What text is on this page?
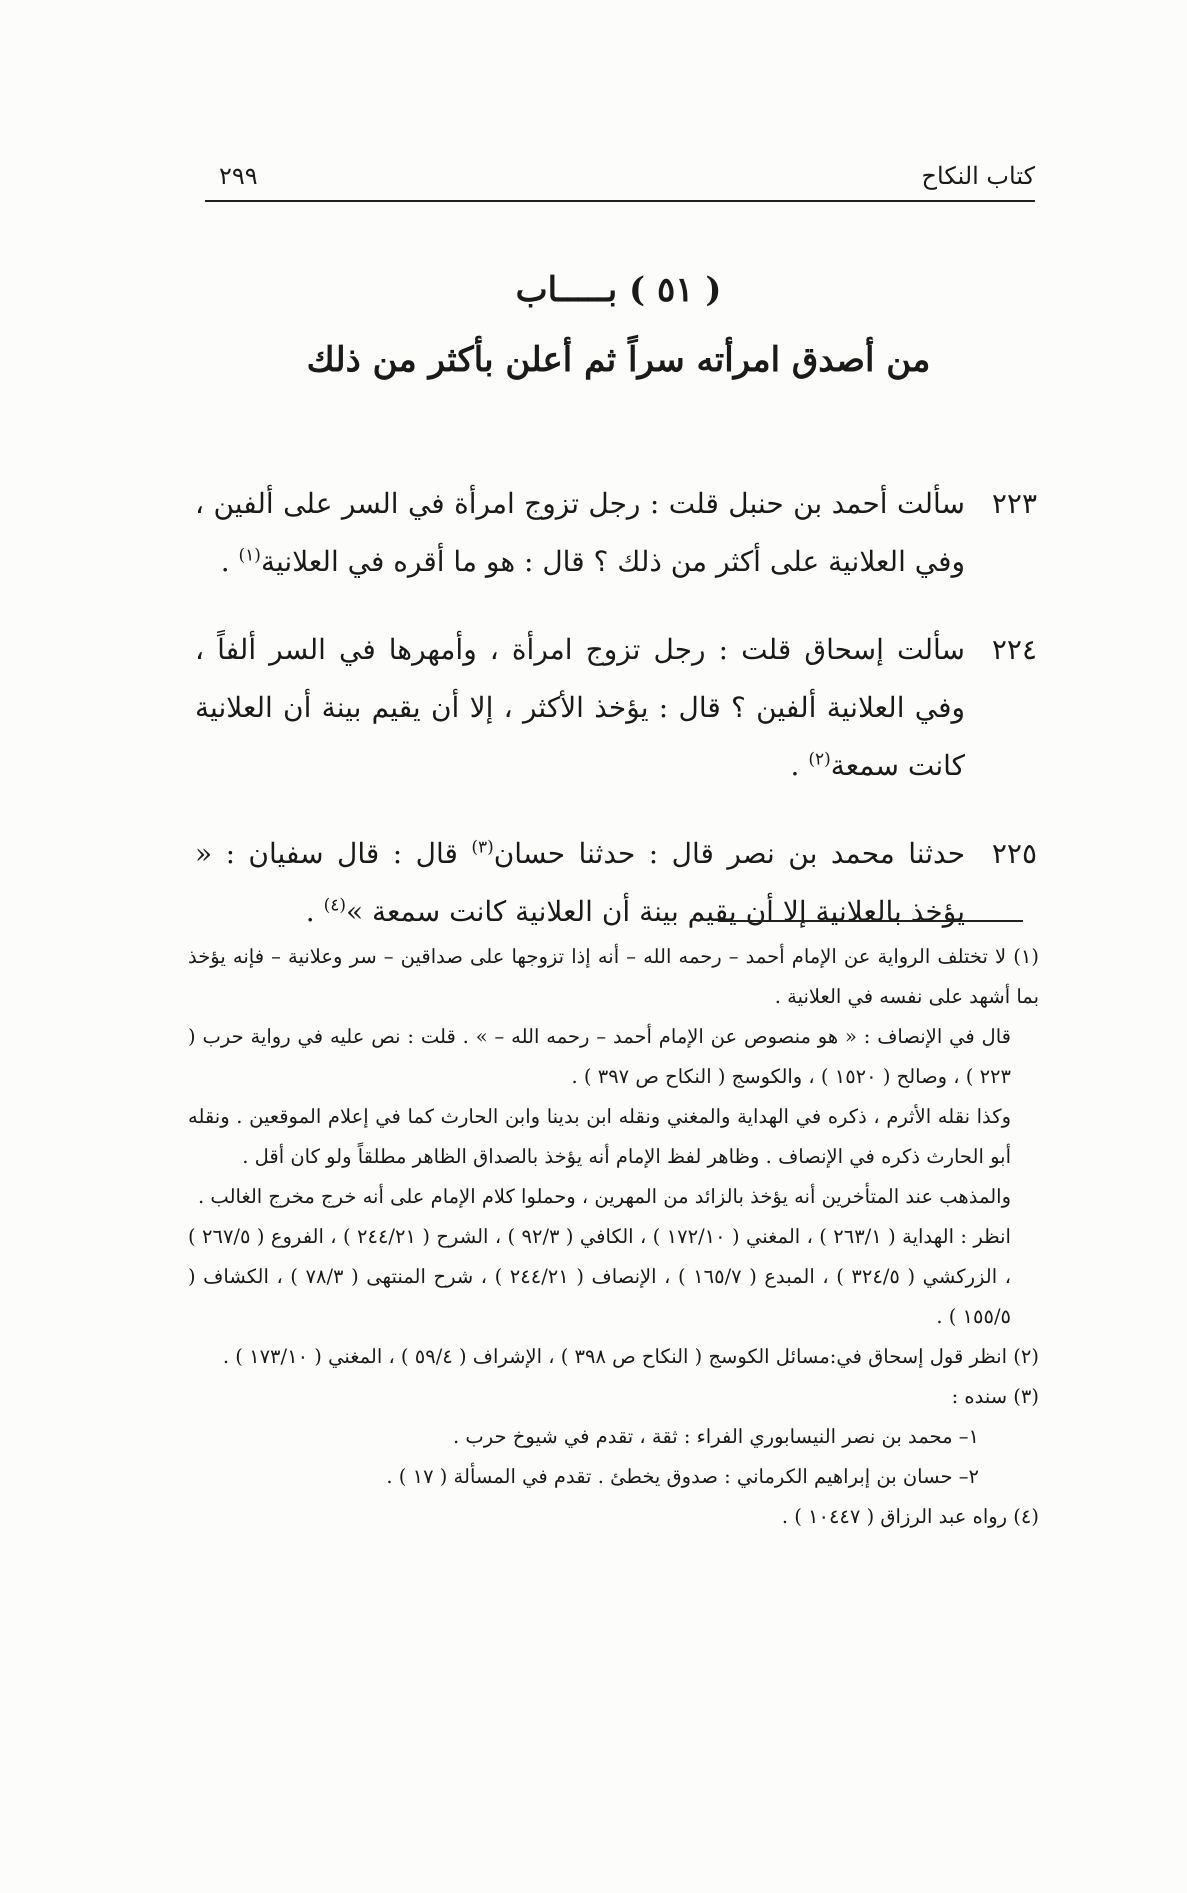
كتاب النكاح
٢٩٩
( ٥١ ) بـــــاب
من أصدق امرأته سراً ثم أعلن بأكثر من ذلك
٢٢٣
سألت أحمد بن حنبل قلت : رجل تزوج امرأة في السر على ألفين ، وفي العلانية على أكثر من ذلك ؟ قال : هو ما أقره في العلانية$^{(١)}$ .
٢٢٤
سألت إسحاق قلت : رجل تزوج امرأة ، وأمهرها في السر ألفاً ، وفي العلانية ألفين ؟ قال : يؤخذ الأكثر ، إلا أن يقيم بينة أن العلانية كانت سمعة$^{(٢)}$ .
٢٢٥
حدثنا محمد بن نصر قال : حدثنا حسان$^{(٣)}$ قال : قال سفيان : « يؤخذ بالعلانية إلا أن يقيم بينة أن العلانية كانت سمعة »$^{(٤)}$ .
(١) لا تختلف الرواية عن الإمام أحمد – رحمه الله – أنه إذا تزوجها على صداقين – سر وعلانية – فإنه يؤخذ بما أشهد على نفسه في العلانية .
قال في الإنصاف : « هو منصوص عن الإمام أحمد – رحمه الله – » . قلت : نص عليه في رواية حرب ( ٢٢٣ ) ، وصالح ( ١٥٢٠ ) ، والكوسج ( النكاح ص ٣٩٧ ) .
وكذا نقله الأثرم ، ذكره في الهداية والمغني ونقله ابن بدينا وابن الحارث كما في إعلام الموقعين . ونقله أبو الحارث ذكره في الإنصاف . وظاهر لفظ الإمام أنه يؤخذ بالصداق الظاهر مطلقاً ولو كان أقل .
والمذهب عند المتأخرين أنه يؤخذ بالزائد من المهرين ، وحملوا كلام الإمام على أنه خرج مخرج الغالب .
انظر : الهداية ( ٢٦٣/١ ) ، المغني ( ١٧٢/١٠ ) ، الكافي ( ٩٢/٣ ) ، الشرح ( ٢٤٤/٢١ ) ، الفروع ( ٢٦٧/٥ ) ، الزركشي ( ٣٢٤/٥ ) ، المبدع ( ١٦٥/٧ ) ، الإنصاف ( ٢٤٤/٢١ ) ، شرح المنتهى ( ٧٨/٣ ) ، الكشاف ( ١٥٥/٥ ) .
(٢) انظر قول إسحاق في:مسائل الكوسج ( النكاح ص ٣٩٨ ) ، الإشراف ( ٥٩/٤ ) ، المغني ( ١٧٣/١٠ ) .
(٣) سنده :
١– محمد بن نصر النيسابوري الفراء : ثقة ، تقدم في شيوخ حرب .
٢– حسان بن إبراهيم الكرماني : صدوق يخطئ . تقدم في المسألة ( ١٧ ) .
(٤) رواه عبد الرزاق ( ١٠٤٤٧ ) .
